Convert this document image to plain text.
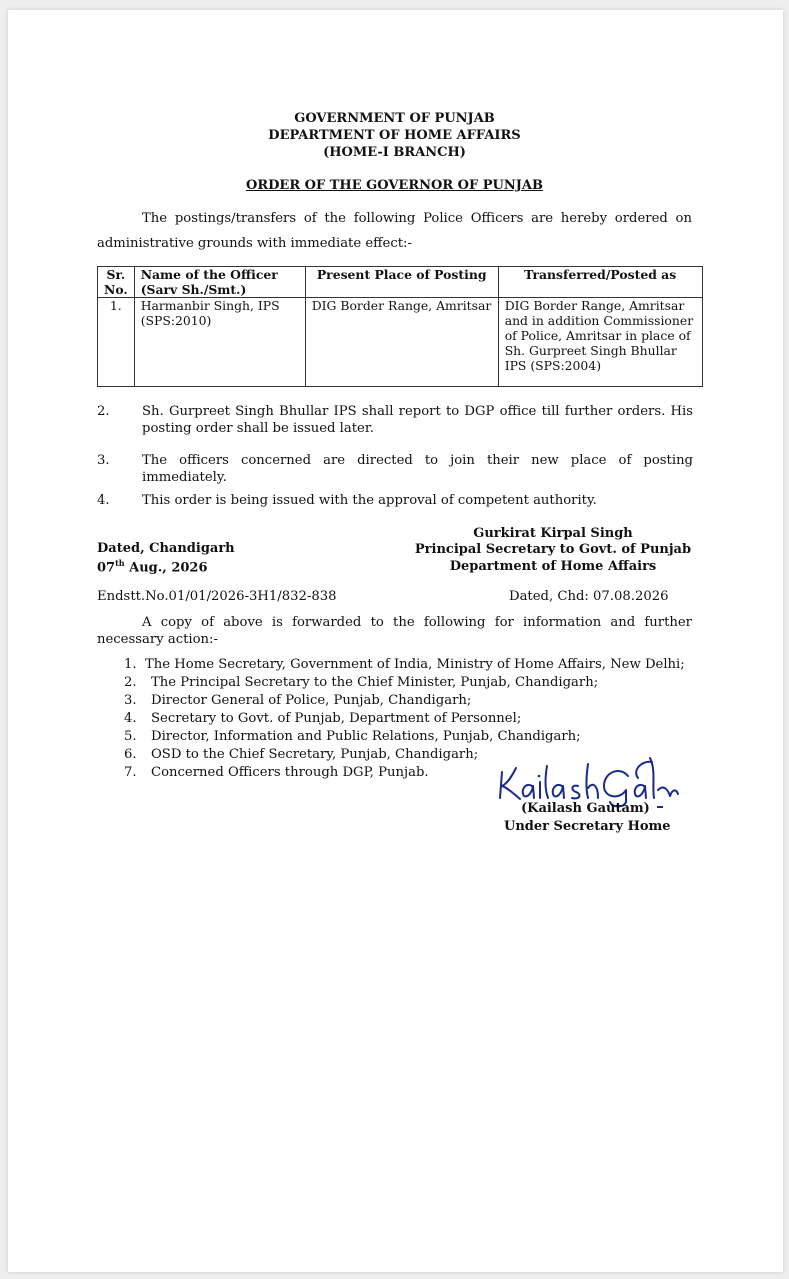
GOVERNMENT OF PUNJAB
DEPARTMENT OF HOME AFFAIRS
(HOME-I BRANCH)
ORDER OF THE GOVERNOR OF PUNJAB
The postings/transfers of the following Police Officers are hereby ordered on administrative grounds with immediate effect:-
Sr. No.	Name of the Officer (Sarv Sh./Smt.)	Present Place of Posting	Transferred/Posted as
1.	Harmanbir Singh, IPS (SPS:2010)	DIG Border Range, Amritsar	DIG Border Range, Amritsar and in addition Commissioner of Police, Amritsar in place of Sh. Gurpreet Singh Bhullar IPS (SPS:2004)
2. Sh. Gurpreet Singh Bhullar IPS shall report to DGP office till further orders. His posting order shall be issued later.
3. The officers concerned are directed to join their new place of posting immediately.
4. This order is being issued with the approval of competent authority.
Gurkirat Kirpal Singh
Principal Secretary to Govt. of Punjab
Department of Home Affairs
Dated, Chandigarh
07th Aug., 2026
Endstt.No.01/01/2026-3H1/832-838	Dated, Chd: 07.08.2026
A copy of above is forwarded to the following for information and further necessary action:-
1. The Home Secretary, Government of India, Ministry of Home Affairs, New Delhi;
2. The Principal Secretary to the Chief Minister, Punjab, Chandigarh;
3. Director General of Police, Punjab, Chandigarh;
4. Secretary to Govt. of Punjab, Department of Personnel;
5. Director, Information and Public Relations, Punjab, Chandigarh;
6. OSD to the Chief Secretary, Punjab, Chandigarh;
7. Concerned Officers through DGP, Punjab.
(Kailash Gautam)
Under Secretary Home
